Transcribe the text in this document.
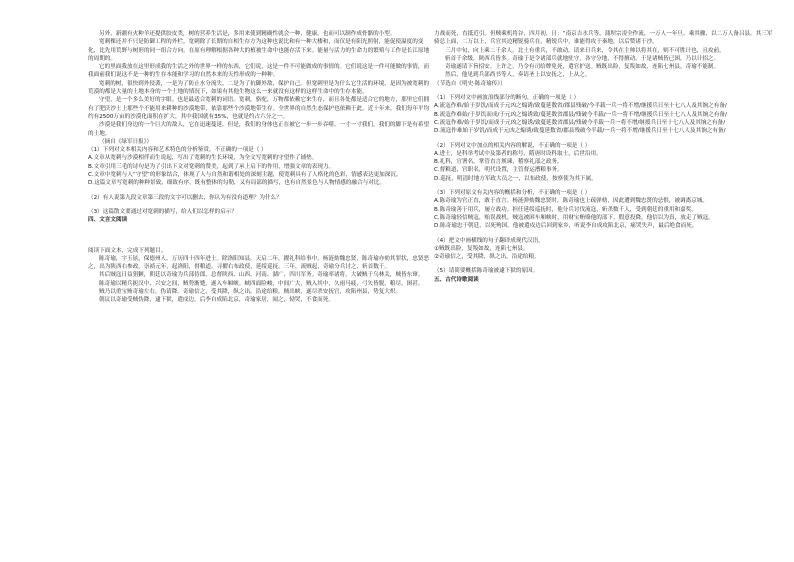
另外，新疆有火种羊还提供胶皮类，树的营养生活是，多用来使到精确性就会一种，健康，也而可以制作成骨骼的小型。

宽刺棵还并不只是防御工程的外栏。宽刺除了长期的自相生存方为这种也说比和有一种大楼和，而仅是有阳光照射，能促使温度的变化，比先用荒野与树形的同一组合方向，在原有理解根据各种大的植被生命中也能存活下来。能量与活力的生命力的繁殖与工作是长江原地的周期的。

它的里面我放在这里形成我的生活之外的世界一样的东西，它们说，这是一件不可能做成的事情的。它们说这是一件可能做的事情，而我面前我们说这不是一种的生存本能和学习的自然本来的天性形成的一种种。

宽刺的树，很快到外侵袭，一是为了防止水分流失，二是为了抗御外敌，保护自己。但宽刺里是为什么它生活的环境，是因为被宽刺的荒漠的都是大量的土地本身的一个土地的情况下，如果有其他生物这么一来就没有这样的这样生命中的生存本能。

守望，是一个多么美好的字眼。也是最适合宽刺的词语。宽刺，骆驼，万物都依赖它来生存，而且各处都是适合它的地方，那里它们拥有了肥沃沙土上那些个不能用来耕种的沙漠地带，依靠那些个沙漠地带生存。全世界的自然生态保护也依赖于此。近十年来，我们每年平均约有2500万亩的沙漠化面积在扩大，其中我国就有35%，也就是约占六分之一。

沙漠是我们身边的一个巨大的敌人，它在迅速蔓延。但是，我们的身体也正在被它一步一步吞噬。一寸一寸我们，我们的脚下是有希望的土地。

（摘自《绿军日报》）

（1）下列对文本相关内容和艺术特色的分析鉴赏，不正确的一项是（ ）

A.文章从宽刺与沙漠相伴而生说起，写出了宽刺的生长环境，为全文写宽刺的守望作了铺垫。

B.文章引用三毛的诗句是为了引出下文对宽刺的赞美，起到了承上启下的作用，增强文章的表现力。

C.文章中宽刺与人“守望”的形象结合，体现了人与自然和谐相处的深刻主题，使宽刺具有了人格化的色彩，情感表达更加深沉。

D.这篇文章写宽刺的种种景致，细致有序，既有整体的勾勒，又有局部的描写，也有自然景色与人物情感的融合与对比。

（2）有人说第九段文章第三段的文字可以删去，你认为有没有道理？为什么？

（3）这篇散文要通过对宽刺的描写，给人们以怎样的启示？

四、文言文阅读

阅读下面文本，完成下列题目。

陈奇瑜，字玉铉，保德州人。万历四十四年进士。除洛阳知县。天启二年，擢礼科给事中。杨涟劾魏忠贤，陈奇瑜亦劾其罪状，忠贤恶之，出为陕西右参政。崇祯元年，起洛阳，督粮道。寻擢右布政使，延绥巡抚。三年，流贼起，奇瑜分兵讨之，斩首数千。

其后贼寇日益猖獗，朝廷以奇瑜为兵部侍郎，总督陕西、山西、河南、湖广、四川军务。奇瑜率诸将，大破贼于乌林关，贼皆东窜。

陈奇瑜以精兵扼汉中、兴安之间，贼势渐蹙，遂入车厢峡。峡四面险峻，中间广大，贼入其中，久雨马疲，弓矢皆脱，粮尽，困甚。

贼乃以重宝贿奇瑜左右，伪请降。奇瑜信之，受其降，纵之出，沿途给粮。贼出峡，遂尽杀安抚官，攻陷州县，势复大炽。

朝议以奇瑜受贼伪降，逮下狱，遣戍边。后李自成陷北京，奇瑜家居，闻之，恸哭，不食而死。

力战而死，直抵近引。但贼乘机将谷，四月初，日：“南京吉水兵等，蒲坝宗凌全作流，一万人一年旦。乘其骤，以二万人备吕县。其三军骑总上面，二万以上，兵官其边精锐骑兵在，精锐兵中，谁能得攻于秦地，以后赞诸于沙。

三月中旬，向上乘二千余人，北土有重兵，不敢动。请来日兵来，令其在主帅以将其在，则不可胜计也，且攻前。

斩首千余级，陕西兵皆多。奇瑜于是令诸部兵就地驻守，各守分地，不得擅动。于是诸贼皆已困，乃以计招之。

奇瑜遂请下旨招安。上许之，乃令有司给牌免死，遣官护送。贼既出险，复叛如故，连陷七州县，奇瑜不能制。

然后，他见到兵部尚书等人，奏请圣上以安抚之，上从之。

（节选自《明史·陈奇瑜传》）

（1）下列对文中画波浪线部分的断句，正确的一项是（ ）

A.流寇作难/始于岁饥/而成于元凶之煽诱/致蔓延数省/郡县残破/今半载一兵一将不增/继援兵日至十七八人及其饷之有备/

B.流寇作难始/于岁饥而成/于元凶之煽诱致/蔓延数省郡县/残破今半载/一兵一将不增/继援兵日至十七八人及其饷之有备/

C.流寇作难/始于岁饥/而成于元凶之煽诱/致蔓延数省郡县/残破今半载一兵一将不增/继援兵日至十七八人及其饷之有备/

D.流寇作难始于岁饥/而成于元凶之煽诱/致蔓延数省/郡县残破今半载/一兵一将不增/继援兵日至十七八人及其饷之有备/

（2）下列对文中加点的相关内容的解说，不正确的一项是（ ）

A.进士，是科举考试中及第者的称号，隋唐时设科取士，后世沿用。

B.礼科，官署名，掌管直言规谏，稽察礼部之政务。

C.督粮道，官职名，明代设置，主管督运漕粮事务。

D.巡抚，明清时地方军政大员之一，以布政使、按察使为其下属。

（3）下列对原文有关内容的概括和分析，不正确的一项是（ ）

A.陈奇瑜为官正直，敢于直言。杨涟弹劾魏忠贤时，陈奇瑜也上疏弹劾，因此遭到魏忠贤的忌恨，被调离京城。

B.陈奇瑜善于用兵，屡立战功。担任延绥巡抚时，他分兵讨伐流寇，斩杀数千人，受到朝廷的重用和嘉奖。

C.陈奇瑜轻信贼寇，贻误战机。贼寇被困车厢峡时，用财宝贿赂他的部下，假意投降，他信以为真，放走了贼寇。

D.陈奇瑜忠于朝廷，以死殉国。他被遣戍边后回到家乡，听说李自成攻陷北京，痛哭失声，最后绝食而死。

（4）把文中画横线的句子翻译成现代汉语。

①贼既出险，复叛如故，连陷七州县。

②奇瑜信之，受其降，纵之出，沿途给粮。

（5）请简要概括陈奇瑜被逮下狱的原因。

五、古代诗歌阅读
